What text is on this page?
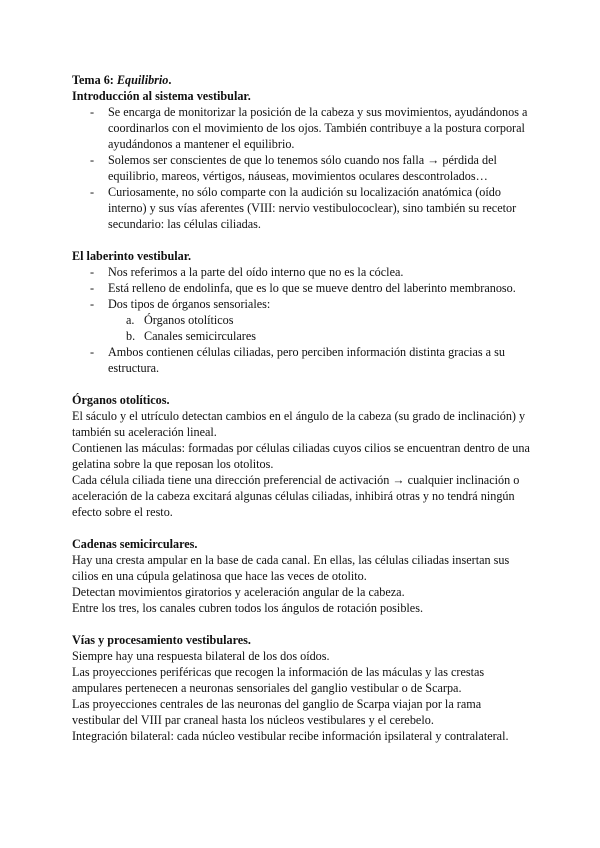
Tema 6: Equilibrio.
Introducción al sistema vestibular.
- Se encarga de monitorizar la posición de la cabeza y sus movimientos, ayudándonos a coordinarlos con el movimiento de los ojos. También contribuye a la postura corporal ayudándonos a mantener el equilibrio.
- Solemos ser conscientes de que lo tenemos sólo cuando nos falla → pérdida del equilibrio, mareos, vértigos, náuseas, movimientos oculares descontrolados…
- Curiosamente, no sólo comparte con la audición su localización anatómica (oído interno) y sus vías aferentes (VIII: nervio vestibulococlear), sino también su recetor secundario: las células ciliadas.
El laberinto vestibular.
- Nos referimos a la parte del oído interno que no es la cóclea.
- Está relleno de endolinfa, que es lo que se mueve dentro del laberinto membranoso.
- Dos tipos de órganos sensoriales:
a. Órganos otolíticos
b. Canales semicirculares
- Ambos contienen células ciliadas, pero perciben información distinta gracias a su estructura.
Órganos otolíticos.

El sáculo y el utrículo detectan cambios en el ángulo de la cabeza (su grado de inclinación) y también su aceleración lineal.

Contienen las máculas: formadas por células ciliadas cuyos cilios se encuentran dentro de una gelatina sobre la que reposan los otolitos.

Cada célula ciliada tiene una dirección preferencial de activación → cualquier inclinación o aceleración de la cabeza excitará algunas células ciliadas, inhibirá otras y no tendrá ningún efecto sobre el resto.

Cadenas semicirculares.

Hay una cresta ampular en la base de cada canal. En ellas, las células ciliadas insertan sus cilios en una cúpula gelatinosa que hace las veces de otolito.

Detectan movimientos giratorios y aceleración angular de la cabeza.

Entre los tres, los canales cubren todos los ángulos de rotación posibles.

Vías y procesamiento vestibulares.

Siempre hay una respuesta bilateral de los dos oídos.

Las proyecciones periféricas que recogen la información de las máculas y las crestas ampulares pertenecen a neuronas sensoriales del ganglio vestibular o de Scarpa.

Las proyecciones centrales de las neuronas del ganglio de Scarpa viajan por la rama vestibular del VIII par craneal hasta los núcleos vestibulares y el cerebelo.

Integración bilateral: cada núcleo vestibular recibe información ipsilateral y contralateral.
